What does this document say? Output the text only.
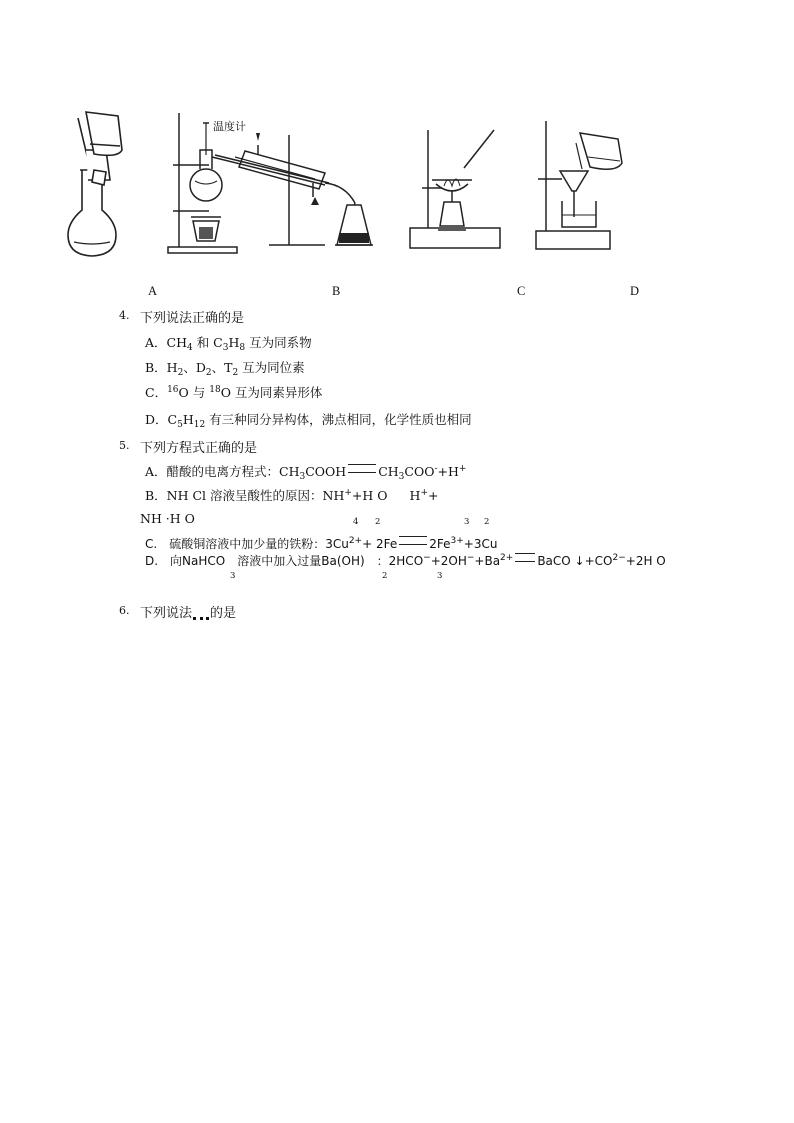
温度计
A	B	C	D
4. 下列说法正确的是
A．$CH_4$ 和 $C_3H_8$ 互为同系物
B．$H_2$、$D_2$、$T_2$ 互为同位素
C．$^{16}$O 与 $^{18}$O 互为同素异形体
D．$C_5H_{12}$ 有三种同分异构体，沸点相同，化学性质也相同
5. 下列方程式正确的是
A．醋酸的电离方程式：$CH_3COOH$	$CH_3COO^-+H^+$
B．NH Cl 溶液呈酸性的原因：NH++H O H++
NH ·H O	4 2	3 2
C.　硫酸铜溶液中加少量的铁粉：$3Cu^{2+}+ 2Fe$	$2Fe^{3+}+3Cu$
D.　向NaHCO　溶液中加入过量Ba(OH)　：$2HCO^-+2OH^-+Ba^{2+}$ BaCO $↓+CO^{2-}+2H$ O
3	2	3
6. 下列说法 的是
